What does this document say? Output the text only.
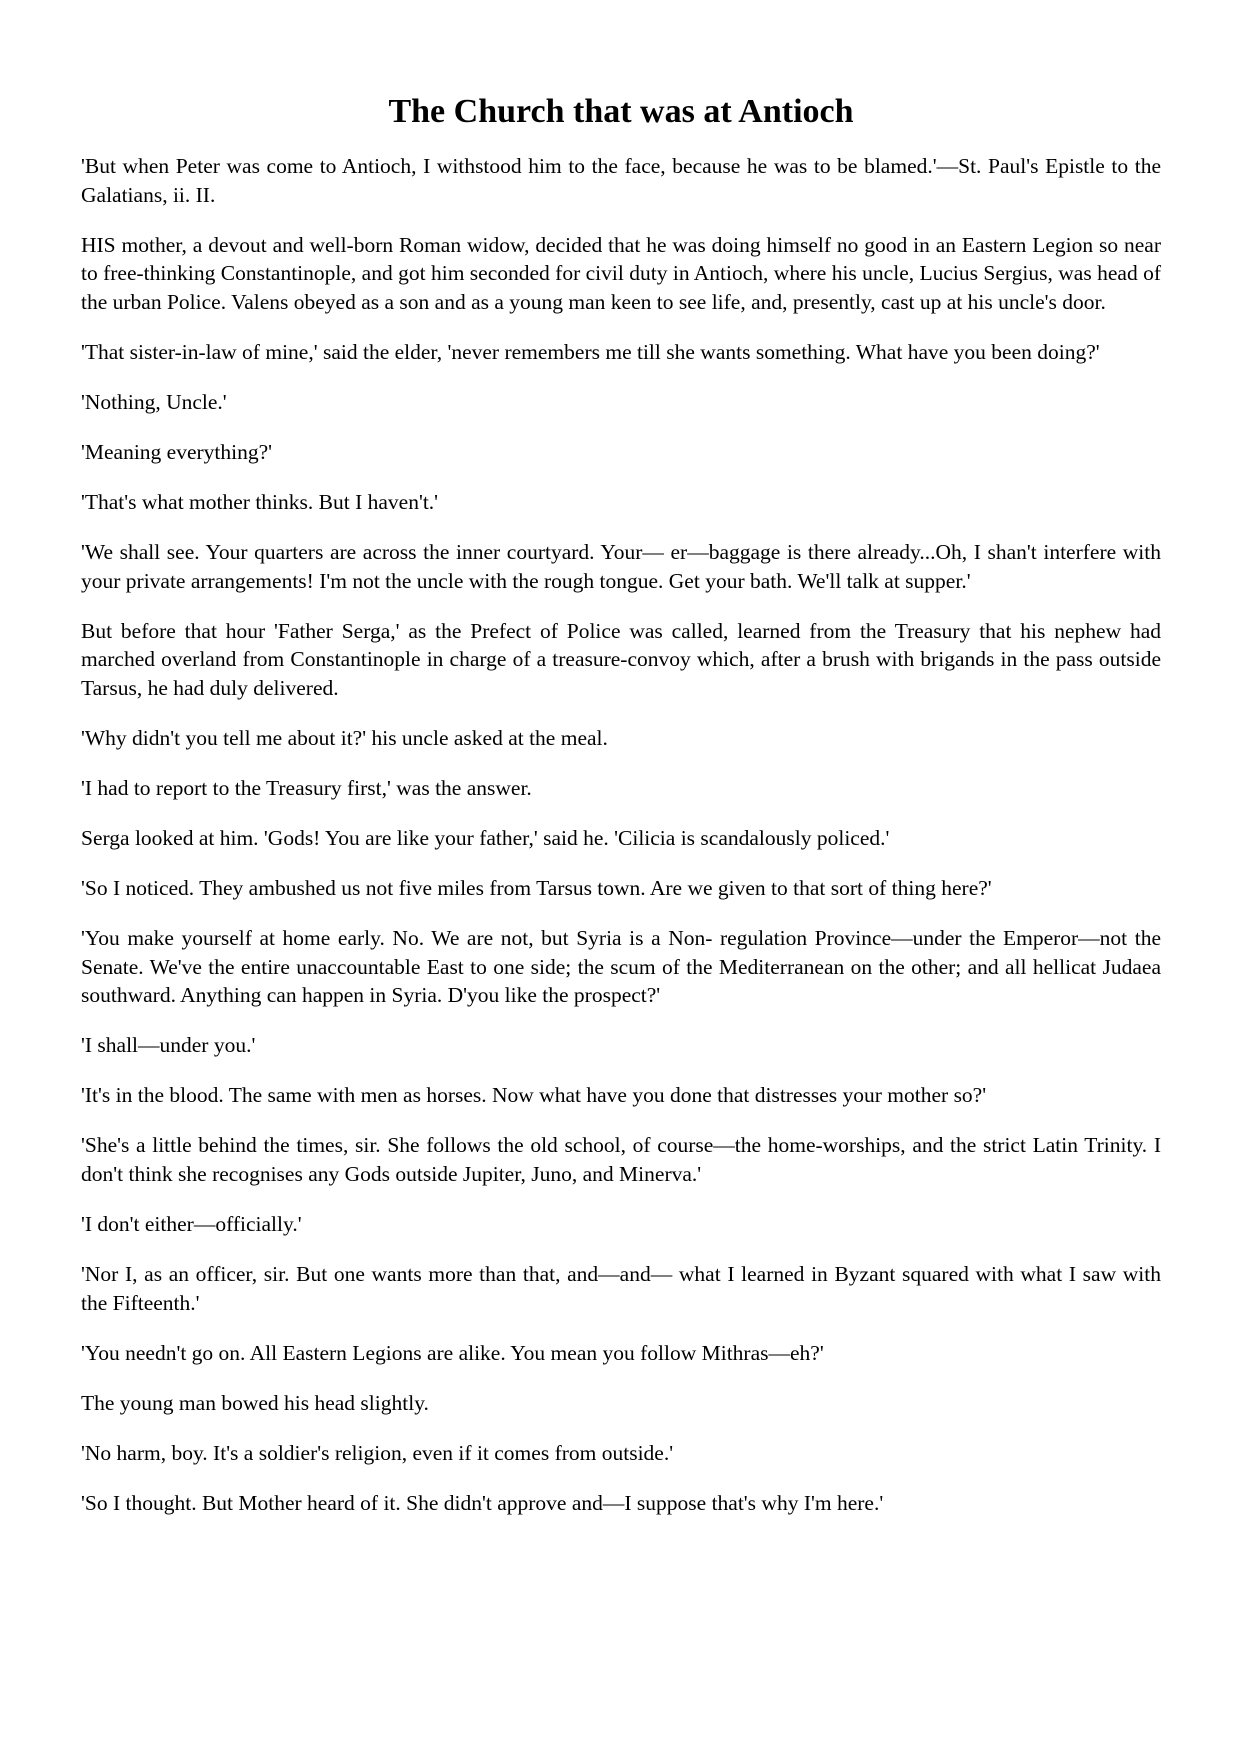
The Church that was at Antioch

'But when Peter was come to Antioch, I withstood him to the face, because he was to be blamed.'—St. Paul's Epistle to the Galatians, ii. II.

HIS mother, a devout and well-born Roman widow, decided that he was doing himself no good in an Eastern Legion so near to free-thinking Constantinople, and got him seconded for civil duty in Antioch, where his uncle, Lucius Sergius, was head of the urban Police. Valens obeyed as a son and as a young man keen to see life, and, presently, cast up at his uncle's door.

'That sister-in-law of mine,' said the elder, 'never remembers me till she wants something. What have you been doing?'

'Nothing, Uncle.'

'Meaning everything?'

'That's what mother thinks. But I haven't.'

'We shall see. Your quarters are across the inner courtyard. Your— er—baggage is there already...Oh, I shan't interfere with your private arrangements! I'm not the uncle with the rough tongue. Get your bath. We'll talk at supper.'

But before that hour 'Father Serga,' as the Prefect of Police was called, learned from the Treasury that his nephew had marched overland from Constantinople in charge of a treasure-convoy which, after a brush with brigands in the pass outside Tarsus, he had duly delivered.

'Why didn't you tell me about it?' his uncle asked at the meal.

'I had to report to the Treasury first,' was the answer.

Serga looked at him. 'Gods! You are like your father,' said he. 'Cilicia is scandalously policed.'

'So I noticed. They ambushed us not five miles from Tarsus town. Are we given to that sort of thing here?'

'You make yourself at home early. No. We are not, but Syria is a Non- regulation Province—under the Emperor—not the Senate. We've the entire unaccountable East to one side; the scum of the Mediterranean on the other; and all hellicat Judaea southward. Anything can happen in Syria. D'you like the prospect?'

'I shall—under you.'

'It's in the blood. The same with men as horses. Now what have you done that distresses your mother so?'

'She's a little behind the times, sir. She follows the old school, of course—the home-worships, and the strict Latin Trinity. I don't think she recognises any Gods outside Jupiter, Juno, and Minerva.'

'I don't either—officially.'

'Nor I, as an officer, sir. But one wants more than that, and—and— what I learned in Byzant squared with what I saw with the Fifteenth.'

'You needn't go on. All Eastern Legions are alike. You mean you follow Mithras—eh?'

The young man bowed his head slightly.

'No harm, boy. It's a soldier's religion, even if it comes from outside.'

'So I thought. But Mother heard of it. She didn't approve and—I suppose that's why I'm here.'
